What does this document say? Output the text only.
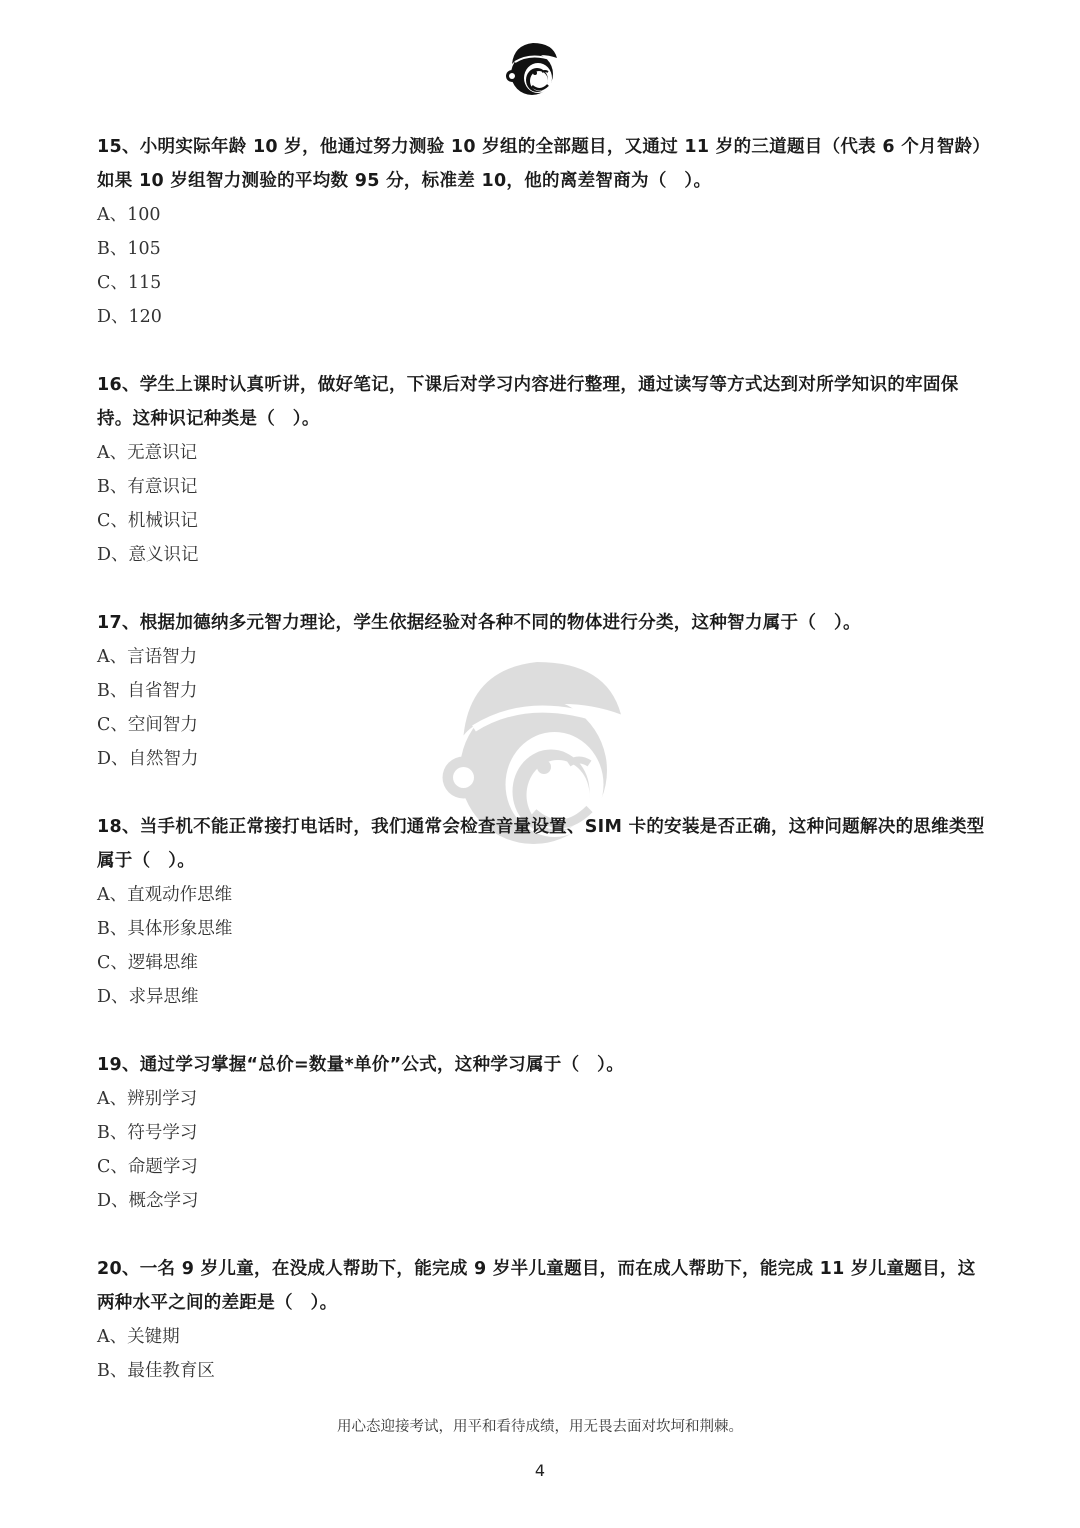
15、小明实际年龄 10 岁，他通过努力测验 10 岁组的全部题目，又通过 11 岁的三道题目（代表 6 个月智龄）如果 10 岁组智力测验的平均数 95 分，标准差 10，他的离差智商为（　）。
A、100
B、105
C、115
D、120
16、学生上课时认真听讲，做好笔记，下课后对学习内容进行整理，通过读写等方式达到对所学知识的牢固保持。这种识记种类是（　）。
A、无意识记
B、有意识记
C、机械识记
D、意义识记
17、根据加德纳多元智力理论，学生依据经验对各种不同的物体进行分类，这种智力属于（　）。
A、言语智力
B、自省智力
C、空间智力
D、自然智力
18、当手机不能正常接打电话时，我们通常会检查音量设置、SIM 卡的安装是否正确，这种问题解决的思维类型属于（　）。
A、直观动作思维
B、具体形象思维
C、逻辑思维
D、求异思维
19、通过学习掌握“总价=数量*单价”公式，这种学习属于（　）。
A、辨别学习
B、符号学习
C、命题学习
D、概念学习
20、一名 9 岁儿童，在没成人帮助下，能完成 9 岁半儿童题目，而在成人帮助下，能完成 11 岁儿童题目，这两种水平之间的差距是（　）。
A、关键期
B、最佳教育区
用心态迎接考试，用平和看待成绩，用无畏去面对坎坷和荆棘。
4
